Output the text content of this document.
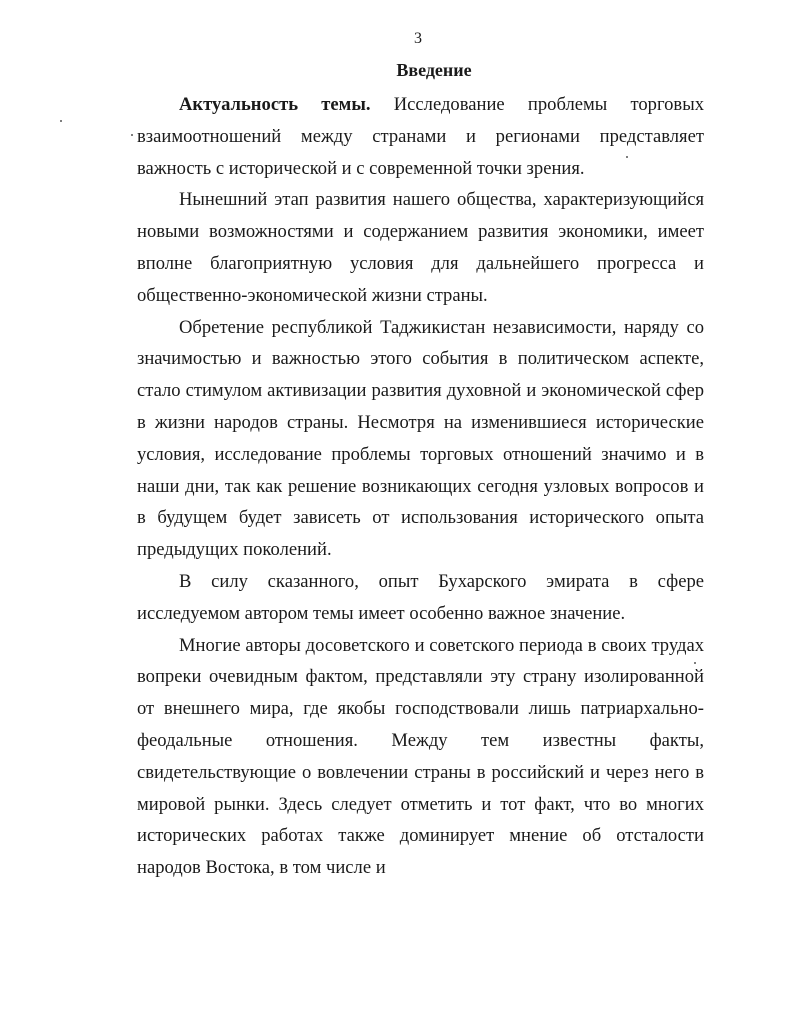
3
Введение

Актуальность темы. Исследование проблемы торговых взаимоотношений между странами и регионами представляет важность с исторической и с современной точки зрения.

Нынешний этап развития нашего общества, характеризующийся новыми возможностями и содержанием развития экономики, имеет вполне благоприятную условия для дальнейшего прогресса и общественно-экономической жизни страны.

Обретение республикой Таджикистан независимости, наряду со значимостью и важностью этого события в политическом аспекте, стало стимулом активизации развития духовной и экономической сфер в жизни народов страны. Несмотря на изменившиеся исторические условия, исследование проблемы торговых отношений значимо и в наши дни, так как решение возникающих сегодня узловых вопросов и в будущем будет зависеть от использования исторического опыта предыдущих поколений.

В силу сказанного, опыт Бухарского эмирата в сфере исследуемом автором темы имеет особенно важное значение.

Многие авторы досоветского и советского периода в своих трудах вопреки очевидным фактом, представляли эту страну изолированной от внешнего мира, где якобы господствовали лишь патриархально-феодальные отношения. Между тем известны факты, свидетельствующие о вовлечении страны в российский и через него в мировой рынки. Здесь следует отметить и тот факт, что во многих исторических работах также доминирует мнение об отсталости народов Востока, в том числе и
